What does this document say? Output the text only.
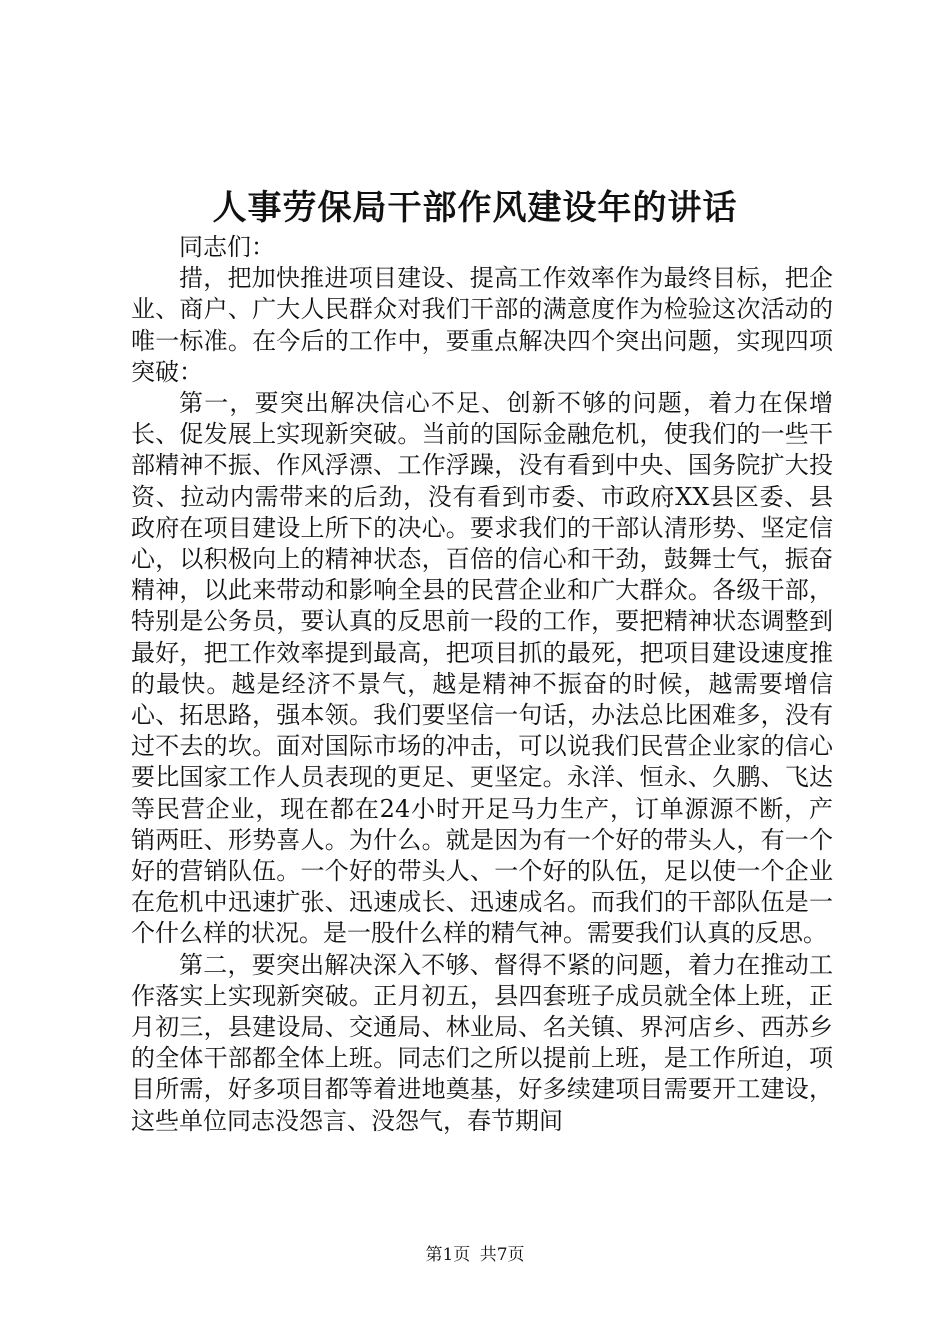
人事劳保局干部作风建设年的讲话

同志们：

措，把加快推进项目建设、提高工作效率作为最终目标，把企业、商户、广大人民群众对我们干部的满意度作为检验这次活动的唯一标准。在今后的工作中，要重点解决四个突出问题，实现四项突破：

第一，要突出解决信心不足、创新不够的问题，着力在保增长、促发展上实现新突破。当前的国际金融危机，使我们的一些干部精神不振、作风浮漂、工作浮躁，没有看到中央、国务院扩大投资、拉动内需带来的后劲，没有看到市委、市政府XX县区委、县政府在项目建设上所下的决心。要求我们的干部认清形势、坚定信心，以积极向上的精神状态，百倍的信心和干劲，鼓舞士气，振奋精神，以此来带动和影响全县的民营企业和广大群众。各级干部，特别是公务员，要认真的反思前一段的工作，要把精神状态调整到最好，把工作效率提到最高，把项目抓的最死，把项目建设速度推的最快。越是经济不景气，越是精神不振奋的时候，越需要增信心、拓思路，强本领。我们要坚信一句话，办法总比困难多，没有过不去的坎。面对国际市场的冲击，可以说我们民营企业家的信心要比国家工作人员表现的更足、更坚定。永洋、恒永、久鹏、飞达等民营企业，现在都在24小时开足马力生产，订单源源不断，产销两旺、形势喜人。为什么。就是因为有一个好的带头人，有一个好的营销队伍。一个好的带头人、一个好的队伍，足以使一个企业在危机中迅速扩张、迅速成长、迅速成名。而我们的干部队伍是一个什么样的状况。是一股什么样的精气神。需要我们认真的反思。

第二，要突出解决深入不够、督得不紧的问题，着力在推动工作落实上实现新突破。正月初五，县四套班子成员就全体上班，正月初三，县建设局、交通局、林业局、名关镇、界河店乡、西苏乡的全体干部都全体上班。同志们之所以提前上班，是工作所迫，项目所需，好多项目都等着进地奠基，好多续建项目需要开工建设，这些单位同志没怨言、没怨气，春节期间

第1页 共7页
